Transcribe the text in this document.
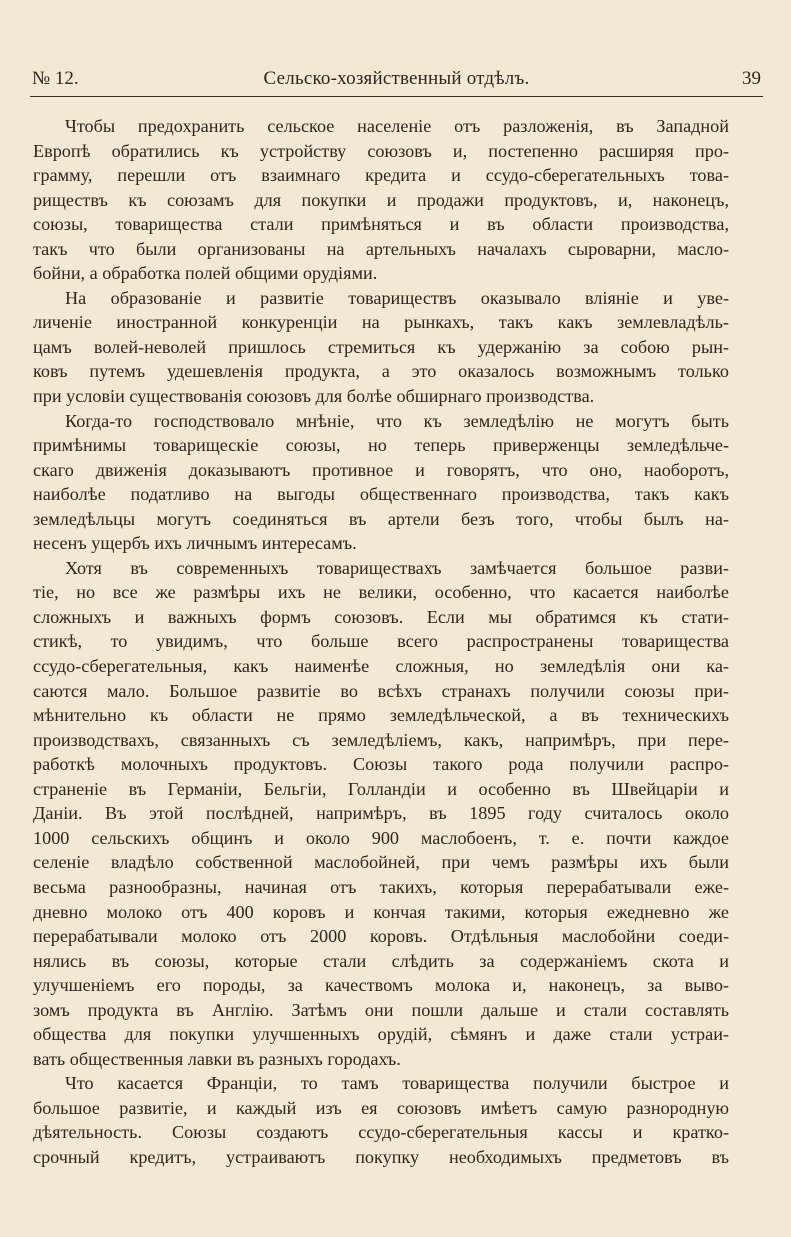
№ 12.	Сельско-хозяйственный отдѣлъ.	39
Чтобы предохранить сельское населеніе отъ разложенія, въ Западной
Европѣ обратились къ устройству союзовъ и, постепенно расширяя про-
грамму, перешли отъ взаимнаго кредита и ссудо-сберегательныхъ това-
риществъ къ союзамъ для покупки и продажи продуктовъ, и, наконецъ,
союзы, товарищества стали примѣняться и въ области производства,
такъ что были организованы на артельныхъ началахъ сыроварни, масло-
бойни, а обработка полей общими орудіями.
На образованіе и развитіе товариществъ оказывало вліяніе и уве-
личеніе иностранной конкуренціи на рынкахъ, такъ какъ землевладѣль-
цамъ волей-неволей пришлось стремиться къ удержанію за собою рын-
ковъ путемъ удешевленія продукта, а это оказалось возможнымъ только
при условіи существованія союзовъ для болѣе обширнаго производства.
Когда-то господствовало мнѣніе, что къ земледѣлію не могутъ быть
примѣнимы товарищескіе союзы, но теперь приверженцы земледѣльче-
скаго движенія доказываютъ противное и говорятъ, что оно, наоборотъ,
наиболѣе податливо на выгоды общественнаго производства, такъ какъ
земледѣльцы могутъ соединяться въ артели безъ того, чтобы былъ на-
несенъ ущербъ ихъ личнымъ интересамъ.
Хотя въ современныхъ товариществахъ замѣчается большое разви-
тіе, но все же размѣры ихъ не велики, особенно, что касается наиболѣе
сложныхъ и важныхъ формъ союзовъ. Если мы обратимся къ стати-
стикѣ, то увидимъ, что больше всего распространены товарищества
ссудо-сберегательныя, какъ наименѣе сложныя, но земледѣлія они ка-
саются мало. Большое развитіе во всѣхъ странахъ получили союзы при-
мѣнительно къ области не прямо земледѣльческой, а въ техническихъ
производствахъ, связанныхъ съ земледѣліемъ, какъ, напримѣръ, при пере-
работкѣ молочныхъ продуктовъ. Союзы такого рода получили распро-
страненіе въ Германіи, Бельгіи, Голландіи и особенно въ Швейцаріи и
Даніи. Въ этой послѣдней, напримѣръ, въ 1895 году считалось около
1000 сельскихъ общинъ и около 900 маслобоенъ, т. е. почти каждое
селеніе владѣло собственной маслобойней, при чемъ размѣры ихъ были
весьма разнообразны, начиная отъ такихъ, которыя перерабатывали еже-
дневно молоко отъ 400 коровъ и кончая такими, которыя ежедневно же
перерабатывали молоко отъ 2000 коровъ. Отдѣльныя маслобойни соеди-
нялись въ союзы, которые стали слѣдить за содержаніемъ скота и
улучшеніемъ его породы, за качествомъ молока и, наконецъ, за выво-
зомъ продукта въ Англію. Затѣмъ они пошли дальше и стали составлять
общества для покупки улучшенныхъ орудій, сѣмянъ и даже стали устраи-
вать общественныя лавки въ разныхъ городахъ.
Что касается Франціи, то тамъ товарищества получили быстрое и
большое развитіе, и каждый изъ ея союзовъ имѣетъ самую разнородную
дѣятельность. Союзы создаютъ ссудо-сберегательныя кассы и кратко-
срочный кредитъ, устраиваютъ покупку необходимыхъ предметовъ въ
